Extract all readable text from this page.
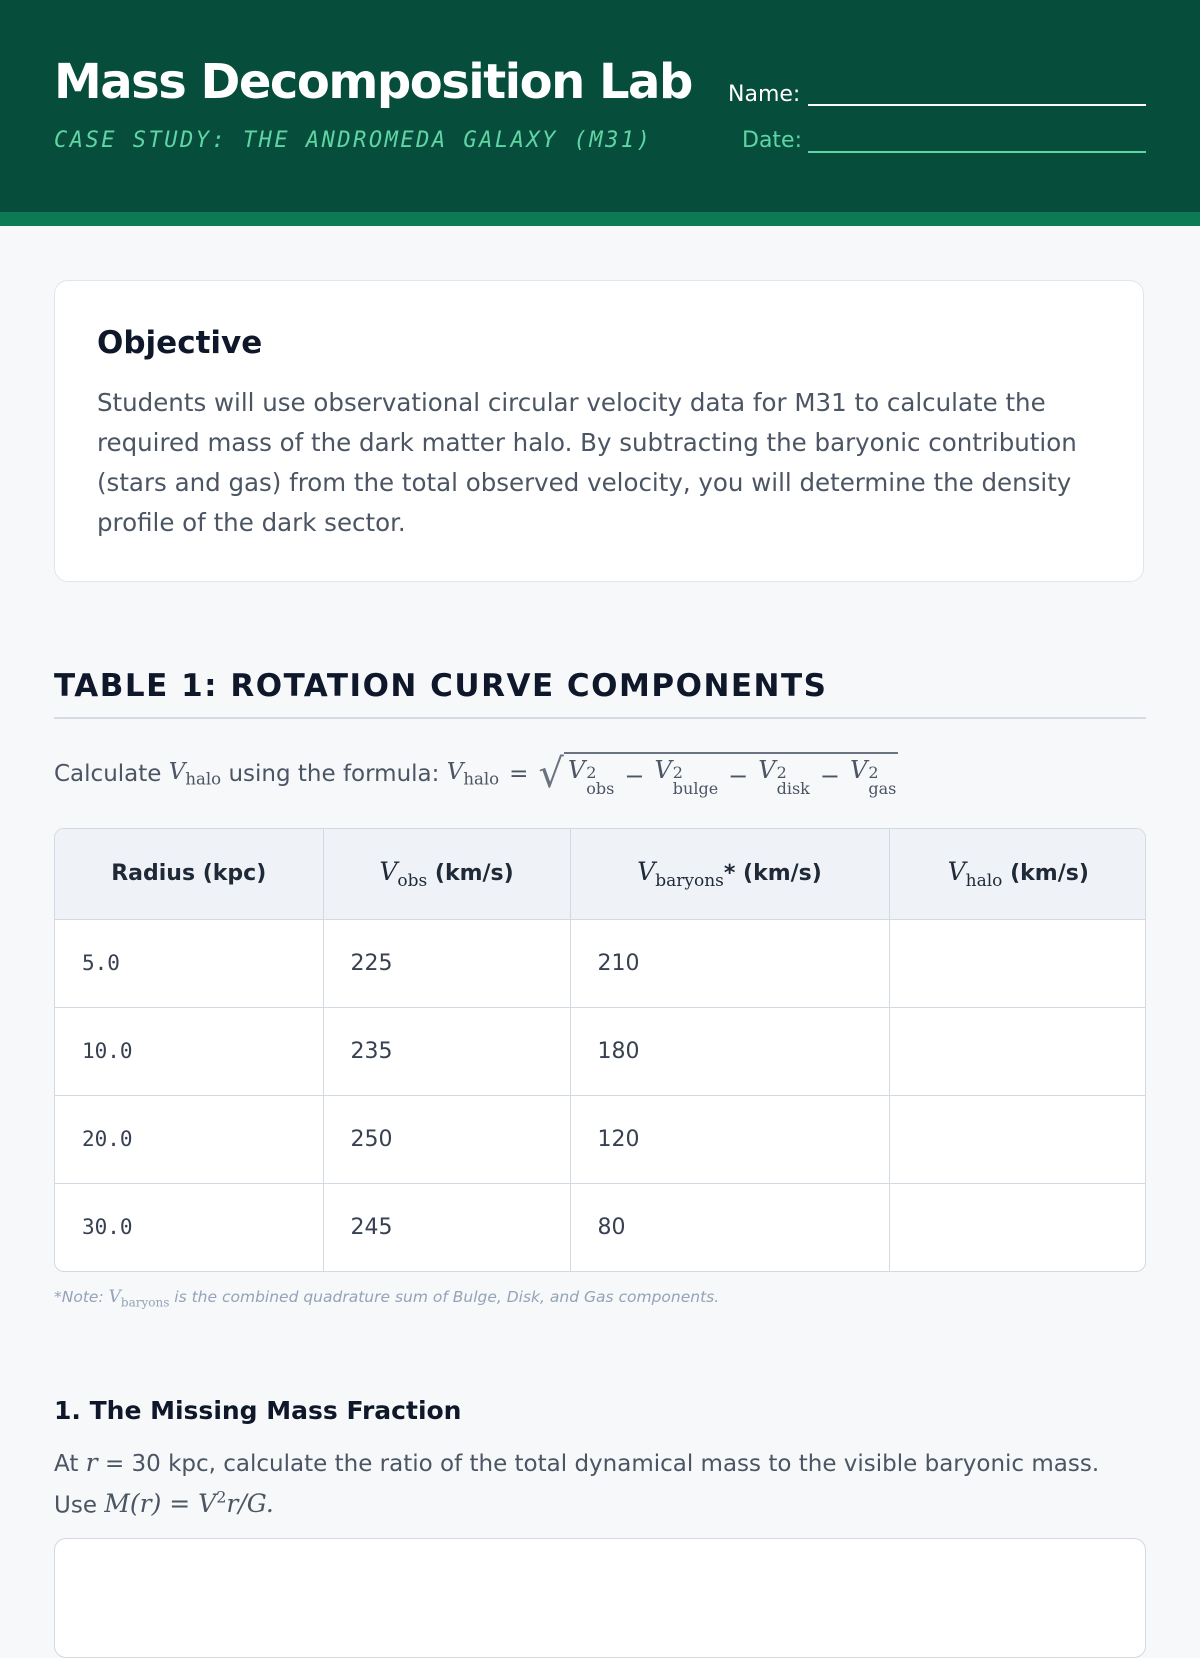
Mass Decomposition Lab
CASE STUDY: THE ANDROMEDA GALAXY (M31)
Name:
Date:
Objective

Students will use observational circular velocity data for M31 to calculate the required mass of the dark matter halo. By subtracting the baryonic contribution (stars and gas) from the total observed velocity, you will determine the density profile of the dark sector.

TABLE 1: ROTATION CURVE COMPONENTS
Calculate
$V_{halo}$
using the formula:
$V_{halo}$ = √ V 2
obs − V 2
bulge − V 2
disk − V 2
gas
Radius (kpc)	$V_{obs}$ (km/s)	$V_{baryons}*$ (km/s)	$V_{halo}$ (km/s)
5.0	225	210	
10.0	235	180	
20.0	250	120	
30.0	245	80	
*Note: $V_{baryons}$ is the combined quadrature sum of Bulge, Disk, and Gas components.
1. The Missing Mass Fraction

At r = 30 kpc, calculate the ratio of the total dynamical mass to the visible baryonic mass. Use $M(r) = V^2r/G$.
